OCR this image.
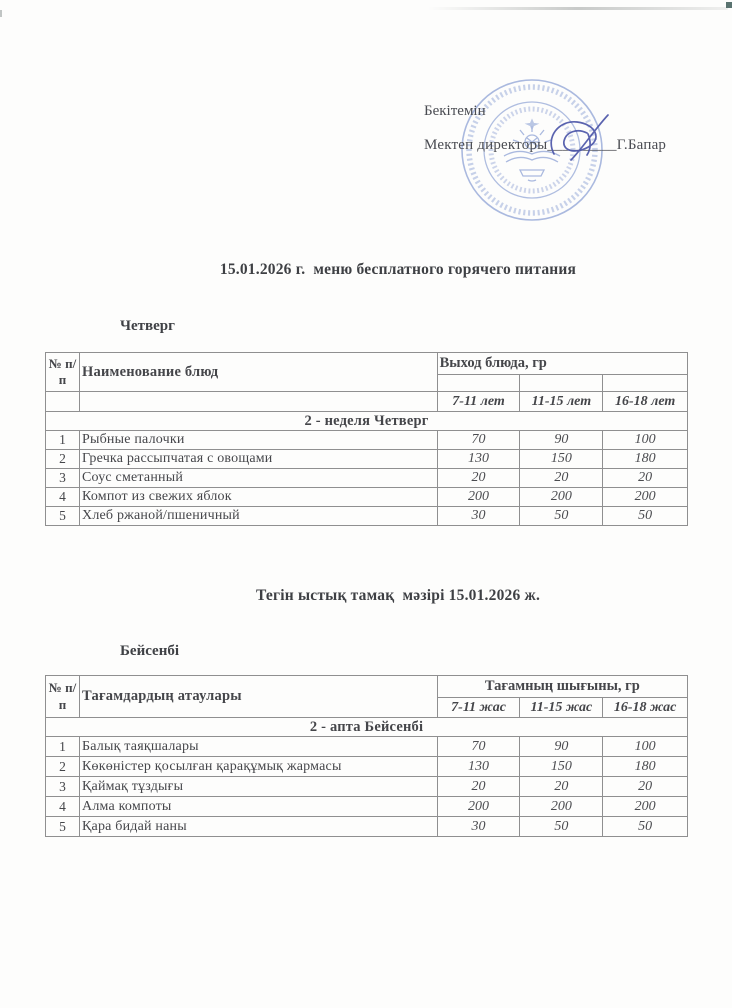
Бекітемін
Мектеп директоры_________Г.Бапар
15.01.2026 г.  меню бесплатного горячего питания
Четверг
№ п/п	Наименование блюд	Выход блюда, гр		

		7-11 лет	11-15 лет	16-18 лет
2 - неделя Четверг				
1	Рыбные палочки	70	90	100
2	Гречка рассыпчатая с овощами	130	150	180
3	Соус сметанный	20	20	20
4	Компот из свежих яблок	200	200	200
5	Хлеб ржаной/пшеничный	30	50	50
Тегін ыстық тамақ  мәзірі 15.01.2026 ж.
Бейсенбі
№ п/п	Тағамдардың атаулары	Тағамның шығыны, гр		
		7-11 жас	11-15 жас	16-18 жас
2 - апта Бейсенбі				
1	Балық таяқшалары	70	90	100
2	Көкөністер қосылған қарақұмық жармасы	130	150	180
3	Қаймақ тұздығы	20	20	20
4	Алма компоты	200	200	200
5	Қара бидай наны	30	50	50
